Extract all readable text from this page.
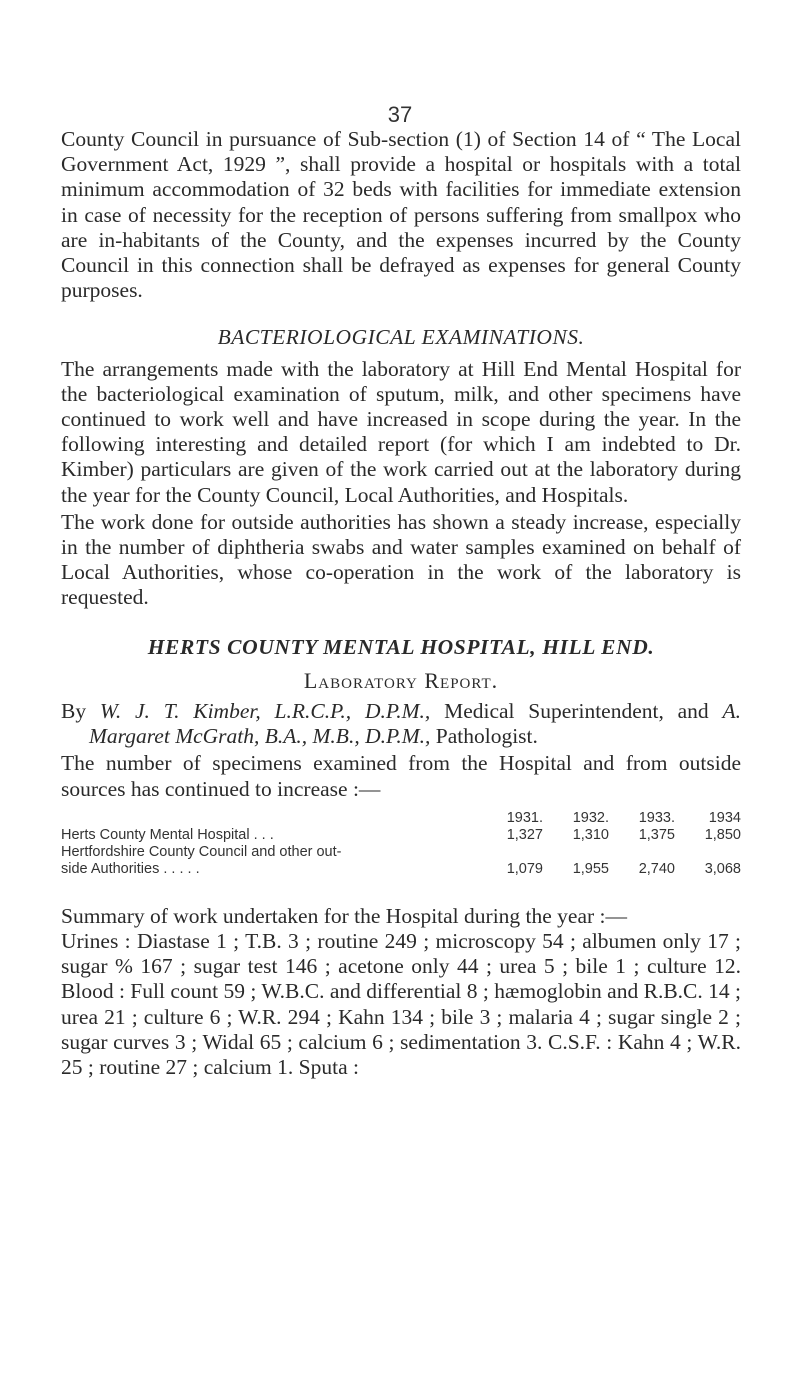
37

County Council in pursuance of Sub-section (1) of Section 14 of “ The Local Government Act, 1929 ”, shall provide a hospital or hospitals with a total minimum accommodation of 32 beds with facilities for immediate extension in case of necessity for the reception of persons suffering from smallpox who are in-habitants of the County, and the expenses incurred by the County Council in this connection shall be defrayed as expenses for general County purposes.

BACTERIOLOGICAL EXAMINATIONS.

The arrangements made with the laboratory at Hill End Mental Hospital for the bacteriological examination of sputum, milk, and other specimens have continued to work well and have increased in scope during the year. In the following interesting and detailed report (for which I am indebted to Dr. Kimber) particulars are given of the work carried out at the laboratory during the year for the County Council, Local Authorities, and Hospitals.

The work done for outside authorities has shown a steady increase, especially in the number of diphtheria swabs and water samples examined on behalf of Local Authorities, whose co-operation in the work of the laboratory is requested.

HERTS COUNTY MENTAL HOSPITAL, HILL END.
Laboratory Report.

By W. J. T. Kimber, L.R.C.P., D.P.M., Medical Superintendent, and A. Margaret McGrath, B.A., M.B., D.P.M., Pathologist.

The number of specimens examined from the Hospital and from outside sources has continued to increase :—

	1931.	1932.	1933.	1934
Herts County Mental Hospital . . .	1,327	1,310	1,375	1,850
Hertfordshire County Council and other out-				
side Authorities . . . . .	1,079	1,955	2,740	3,068

Summary of work undertaken for the Hospital during the year :—

Urines : Diastase 1 ; T.B. 3 ; routine 249 ; microscopy 54 ; albumen only 17 ; sugar % 167 ; sugar test 146 ; acetone only 44 ; urea 5 ; bile 1 ; culture 12. Blood : Full count 59 ; W.B.C. and differential 8 ; hæmoglobin and R.B.C. 14 ; urea 21 ; culture 6 ; W.R. 294 ; Kahn 134 ; bile 3 ; malaria 4 ; sugar single 2 ; sugar curves 3 ; Widal 65 ; calcium 6 ; sedimentation 3. C.S.F. : Kahn 4 ; W.R. 25 ; routine 27 ; calcium 1. Sputa :
